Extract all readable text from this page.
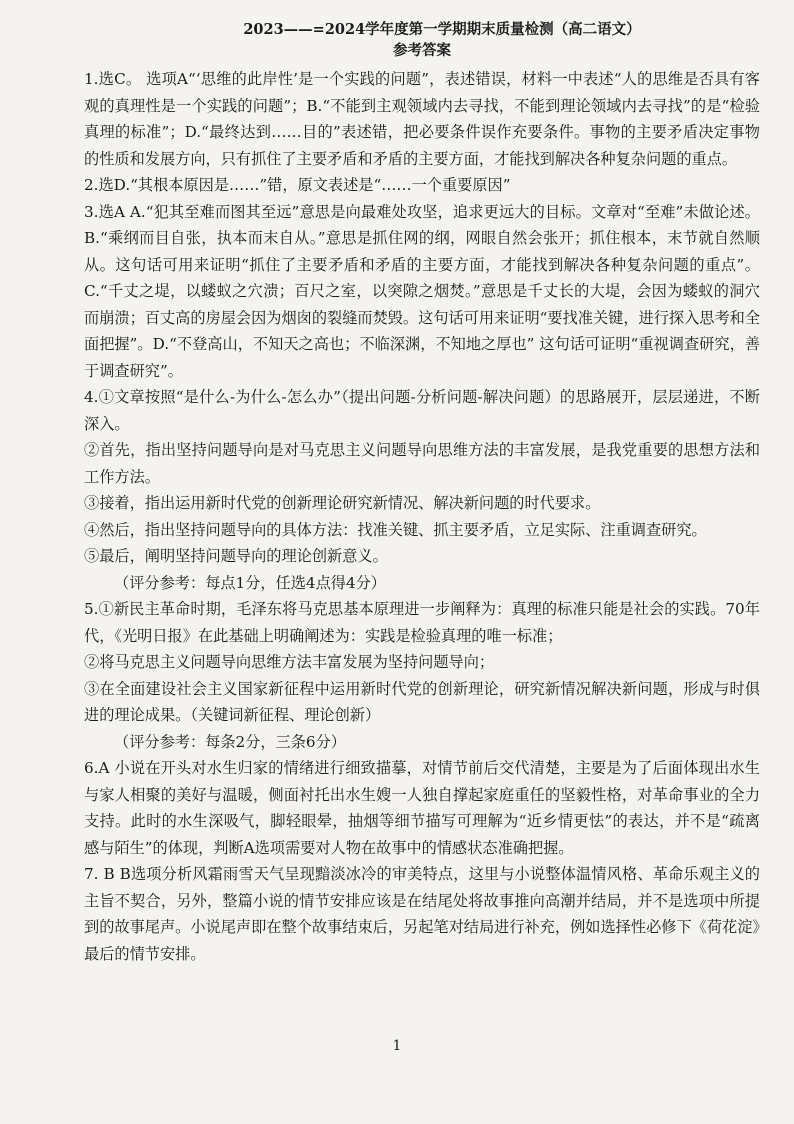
2023——=2024学年度第一学期期末质量检测（高二语文）
参考答案

1.选C。 选项A“‘思维的此岸性’是一个实践的问题”，表述错误，材料一中表述“人的思维是否具有客观的真理性是一个实践的问题”；B.“不能到主观领域内去寻找，不能到理论领域内去寻找”的是“检验真理的标准”；D.“最终达到……目的”表述错，把必要条件误作充要条件。事物的主要矛盾决定事物的性质和发展方向，只有抓住了主要矛盾和矛盾的主要方面，才能找到解决各种复杂问题的重点。

2.选D.“其根本原因是……”错，原文表述是“……一个重要原因”

3.选A A.“犯其至难而图其至远”意思是向最难处攻坚，追求更远大的目标。文章对“至难”未做论述。B.“乘纲而目自张，执本而末自从。”意思是抓住网的纲，网眼自然会张开；抓住根本，末节就自然顺从。这句话可用来证明“抓住了主要矛盾和矛盾的主要方面，才能找到解决各种复杂问题的重点”。C.“千丈之堤，以蝼蚁之穴溃；百尺之室，以突隙之烟焚。”意思是千丈长的大堤，会因为蝼蚁的洞穴而崩溃；百丈高的房屋会因为烟囱的裂缝而焚毁。这句话可用来证明“要找准关键，进行探入思考和全面把握”。D.“不登高山，不知天之高也；不临深渊，不知地之厚也” 这句话可证明“重视调查研究，善于调查研究”。

4.①文章按照“是什么-为什么-怎么办”（提出问题-分析问题-解决问题）的思路展开，层层递进，不断深入。

②首先，指出坚持问题导向是对马克思主义问题导向思维方法的丰富发展，是我党重要的思想方法和工作方法。

③接着，指出运用新时代党的创新理论研究新情况、解决新问题的时代要求。

④然后，指出坚持问题导向的具体方法：找准关键、抓主要矛盾，立足实际、注重调查研究。

⑤最后，阐明坚持问题导向的理论创新意义。

（评分参考：每点1分，任选4点得4分）

5.①新民主革命时期，毛泽东将马克思基本原理进一步阐释为：真理的标准只能是社会的实践。70年代，《光明日报》在此基础上明确阐述为：实践是检验真理的唯一标准；

②将马克思主义问题导向思维方法丰富发展为坚持问题导向；

③在全面建设社会主义国家新征程中运用新时代党的创新理论，研究新情况解决新问题，形成与时俱进的理论成果。（关键词新征程、理论创新）

（评分参考：每条2分，三条6分）

6.A 小说在开头对水生归家的情绪进行细致描摹，对情节前后交代清楚，主要是为了后面体现出水生与家人相聚的美好与温暖，侧面衬托出水生嫂一人独自撑起家庭重任的坚毅性格，对革命事业的全力支持。此时的水生深吸气，脚轻眼晕，抽烟等细节描写可理解为“近乡情更怯”的表达，并不是“疏离感与陌生”的体现，判断A选项需要对人物在故事中的情感状态准确把握。

7. B B选项分析风霜雨雪天气呈现黯淡冰冷的审美特点，这里与小说整体温情风格、革命乐观主义的主旨不契合，另外，整篇小说的情节安排应该是在结尾处将故事推向高潮并结局，并不是选项中所提到的故事尾声。小说尾声即在整个故事结束后，另起笔对结局进行补充，例如选择性必修下《荷花淀》最后的情节安排。

1
